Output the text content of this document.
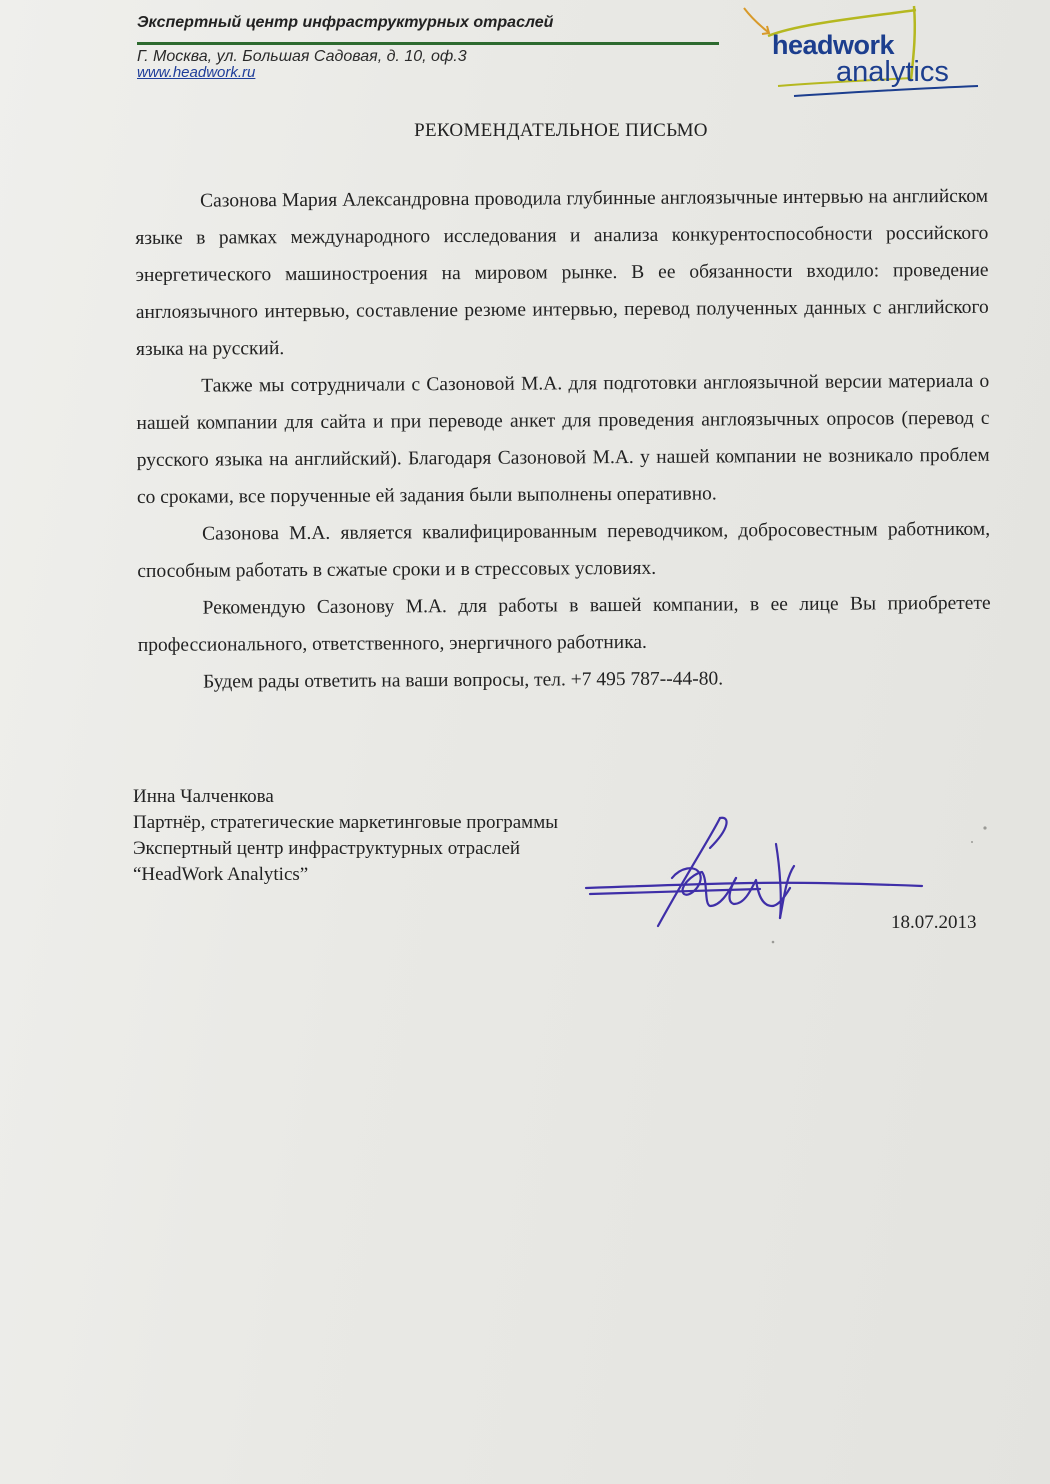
Экспертный центр инфраструктурных отраслей
Г. Москва, ул. Большая Садовая, д. 10, оф.3
www.headwork.ru
headwork
analytics
РЕКОМЕНДАТЕЛЬНОЕ ПИСЬМО

Сазонова Мария Александровна проводила глубинные англоязычные интервью на английском языке в рамках международного исследования и анализа конкурентоспособности российского энергетического машиностроения на мировом рынке. В ее обязанности входило: проведение англоязычного интервью, составление резюме интервью, перевод полученных данных с английского языка на русский.

Также мы сотрудничали с Сазоновой М.А. для подготовки англоязычной версии материала о нашей компании для сайта и при переводе анкет для проведения англоязычных опросов (перевод с русского языка на английский). Благодаря Сазоновой М.А. у нашей компании не возникало проблем со сроками, все порученные ей задания были выполнены оперативно.

Сазонова М.А. является квалифицированным переводчиком, добросовестным работником, способным работать в сжатые сроки и в стрессовых условиях.

Рекомендую Сазонову М.А. для работы в вашей компании, в ее лице Вы приобретете профессионального, ответственного, энергичного работника.

Будем рады ответить на ваши вопросы, тел. +7 495 787--44-80.

Инна Чалченкова
Партнёр, стратегические маркетинговые программы
Экспертный центр инфраструктурных отраслей
“HeadWork Analytics”
18.07.2013
